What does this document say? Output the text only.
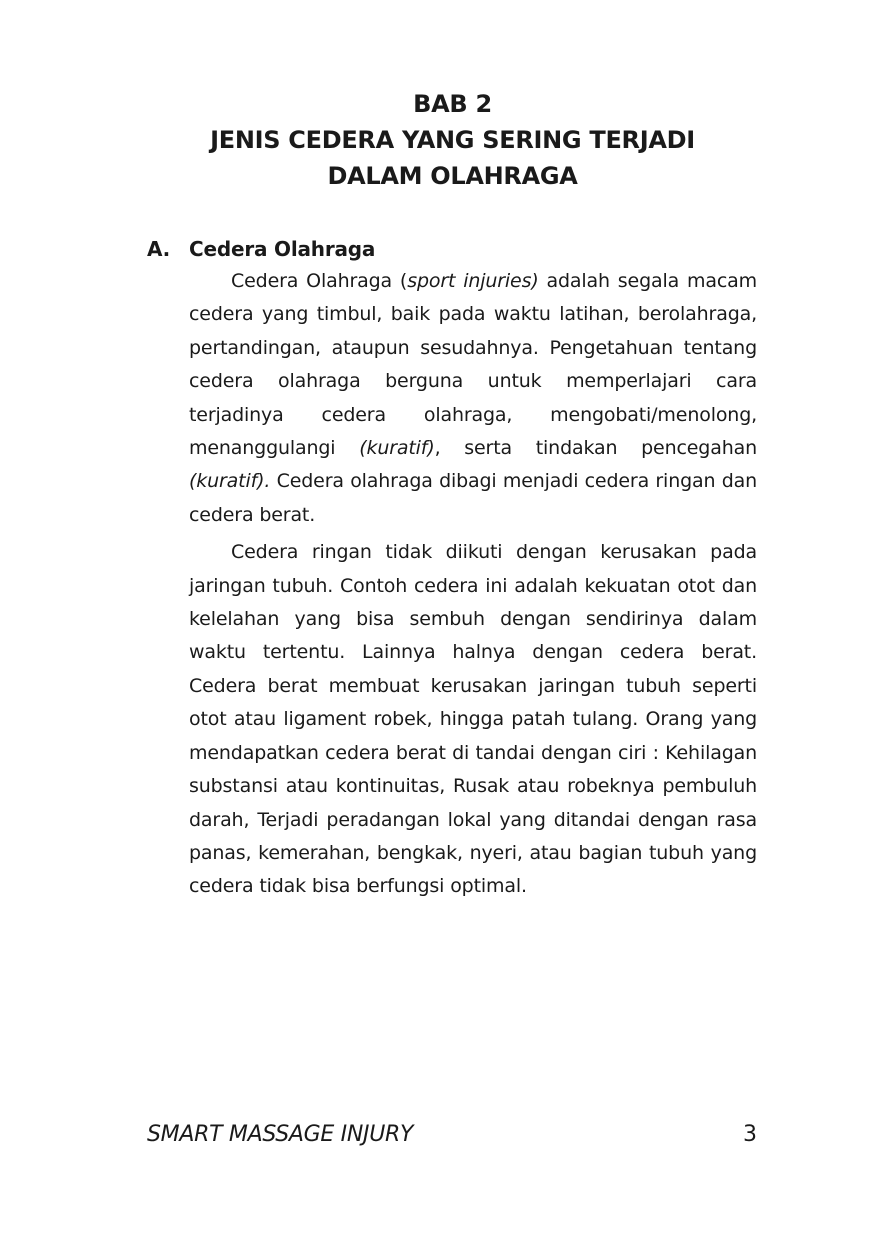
BAB 2
JENIS CEDERA YANG SERING TERJADI
DALAM OLAHRAGA
A. Cedera Olahraga

Cedera Olahraga (sport injuries) adalah segala macam cedera yang timbul, baik pada waktu latihan, berolahraga, pertandingan, ataupun sesudahnya. Pengetahuan tentang cedera olahraga berguna untuk memperlajari cara terjadinya cedera olahraga, mengobati/menolong, menanggulangi (kuratif), serta tindakan pencegahan (kuratif). Cedera olahraga dibagi menjadi cedera ringan dan cedera berat.

Cedera ringan tidak diikuti dengan kerusakan pada jaringan tubuh. Contoh cedera ini adalah kekuatan otot dan kelelahan yang bisa sembuh dengan sendirinya dalam waktu tertentu. Lainnya halnya dengan cedera berat. Cedera berat membuat kerusakan jaringan tubuh seperti otot atau ligament robek, hingga patah tulang. Orang yang mendapatkan cedera berat di tandai dengan ciri : Kehilagan substansi atau kontinuitas, Rusak atau robeknya pembuluh darah, Terjadi peradangan lokal yang ditandai dengan rasa panas, kemerahan, bengkak, nyeri, atau bagian tubuh yang cedera tidak bisa berfungsi optimal.

SMART MASSAGE INJURY	3
